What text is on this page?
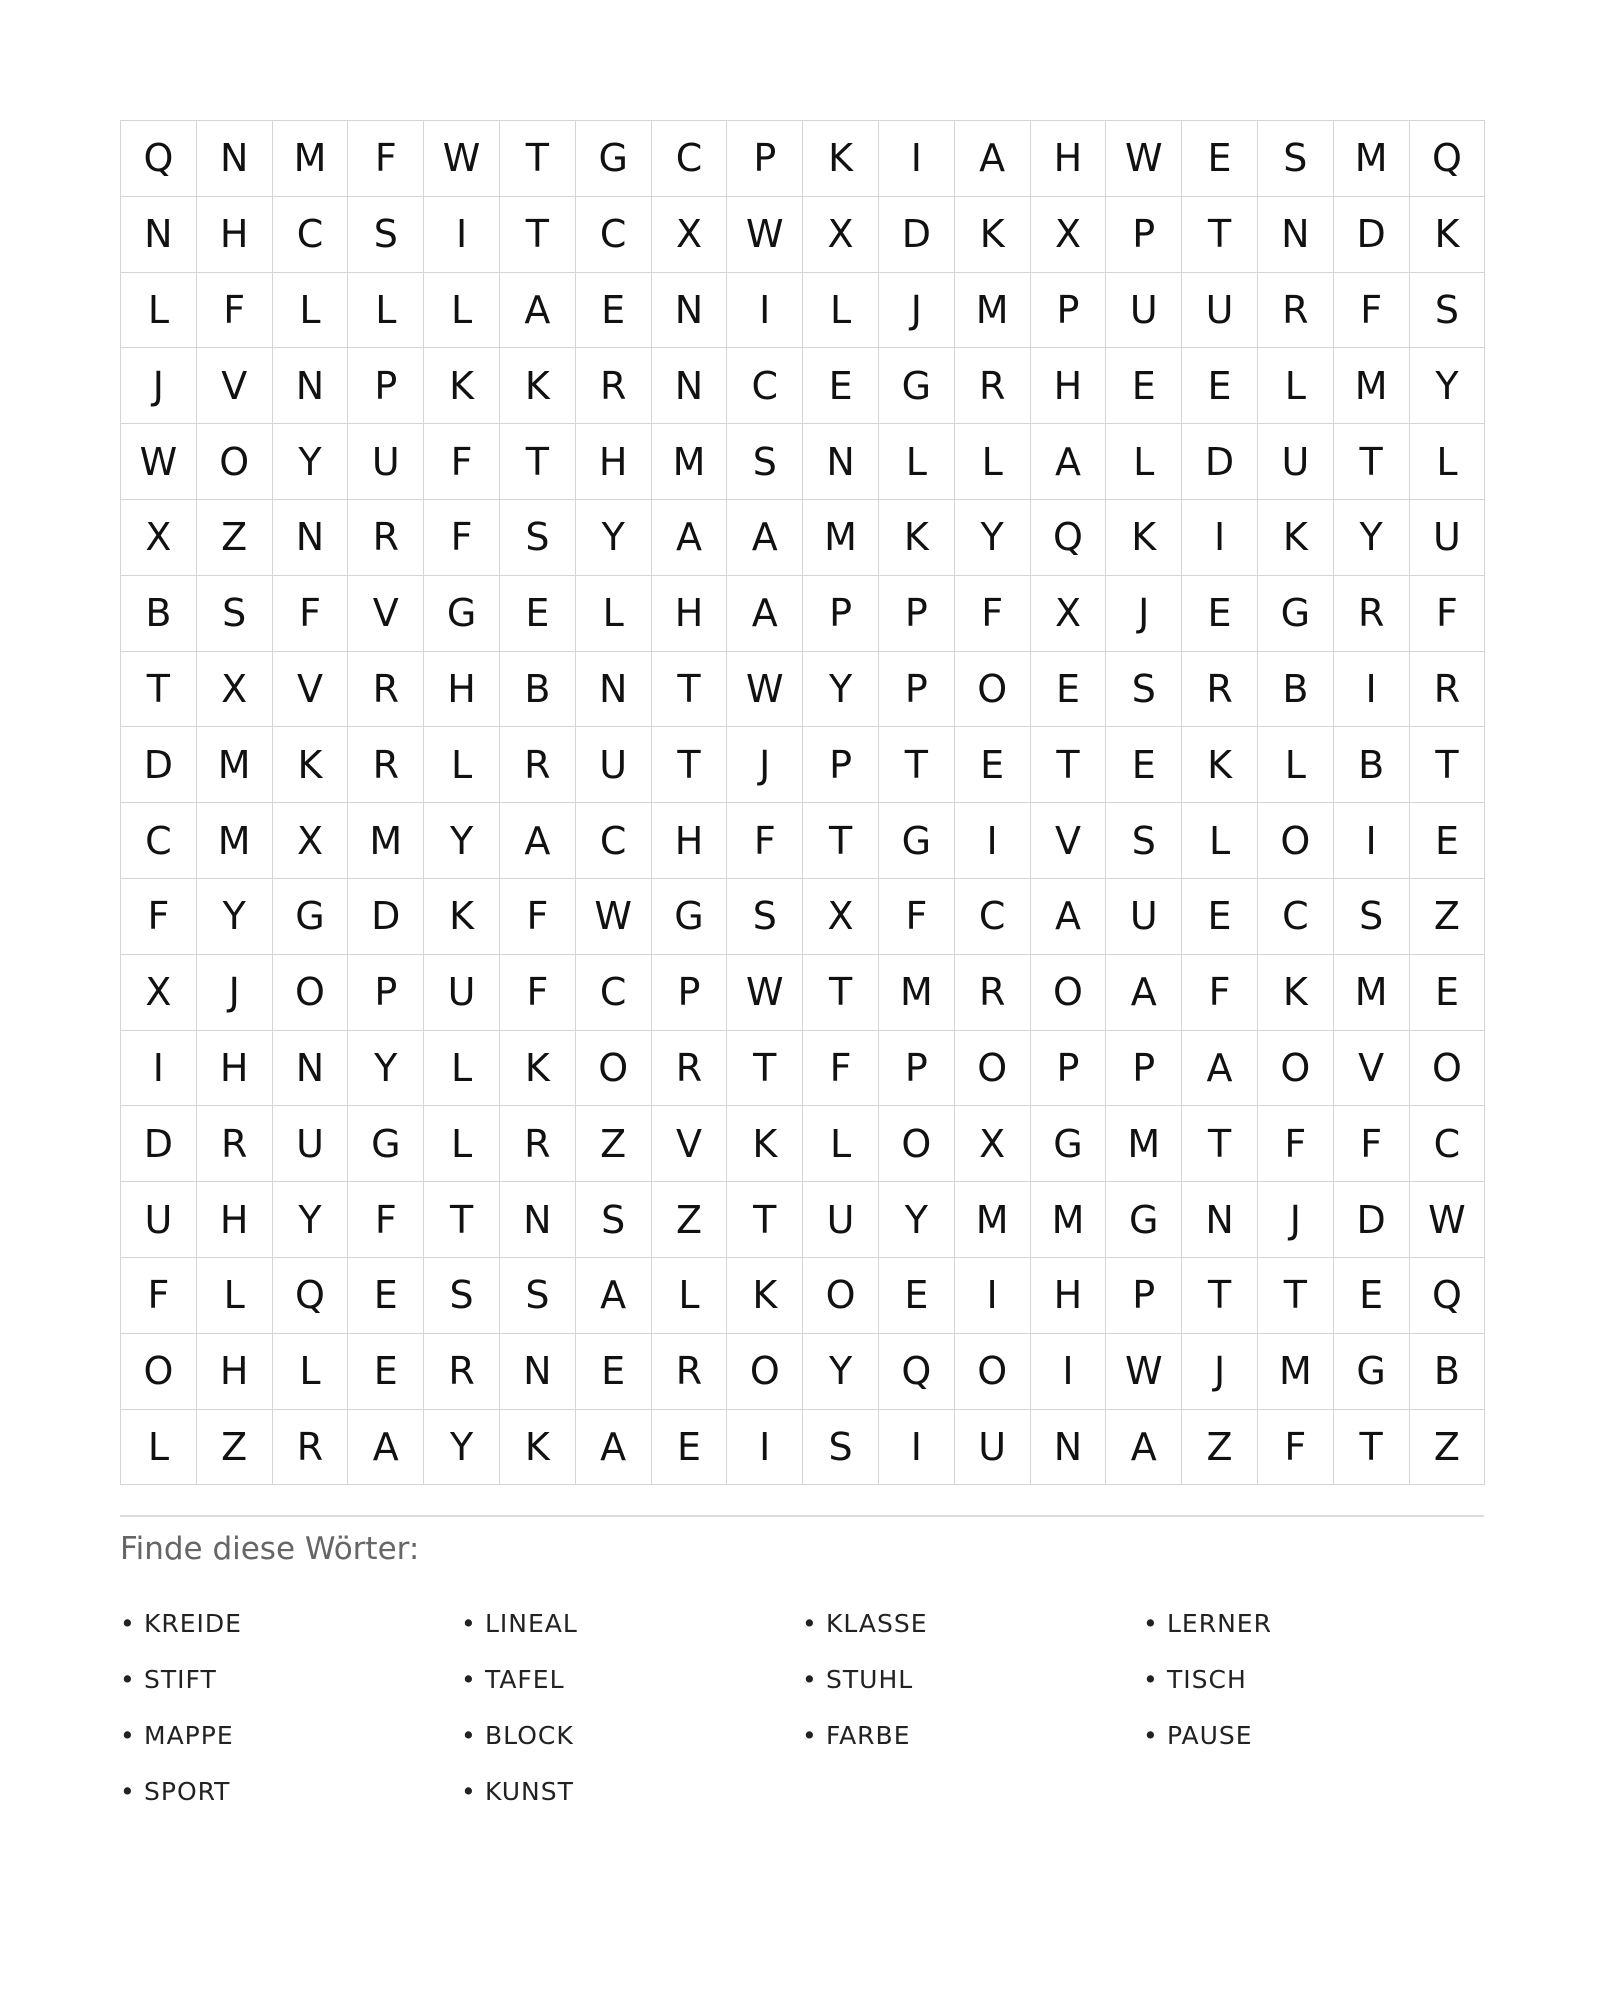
Q	N	M	F	W	T	G	C	P	K	I	A	H	W	E	S	M	Q
N	H	C	S	I	T	C	X	W	X	D	K	X	P	T	N	D	K
L	F	L	L	L	A	E	N	I	L	J	M	P	U	U	R	F	S
J	V	N	P	K	K	R	N	C	E	G	R	H	E	E	L	M	Y
W	O	Y	U	F	T	H	M	S	N	L	L	A	L	D	U	T	L
X	Z	N	R	F	S	Y	A	A	M	K	Y	Q	K	I	K	Y	U
B	S	F	V	G	E	L	H	A	P	P	F	X	J	E	G	R	F
T	X	V	R	H	B	N	T	W	Y	P	O	E	S	R	B	I	R
D	M	K	R	L	R	U	T	J	P	T	E	T	E	K	L	B	T
C	M	X	M	Y	A	C	H	F	T	G	I	V	S	L	O	I	E
F	Y	G	D	K	F	W	G	S	X	F	C	A	U	E	C	S	Z
X	J	O	P	U	F	C	P	W	T	M	R	O	A	F	K	M	E
I	H	N	Y	L	K	O	R	T	F	P	O	P	P	A	O	V	O
D	R	U	G	L	R	Z	V	K	L	O	X	G	M	T	F	F	C
U	H	Y	F	T	N	S	Z	T	U	Y	M	M	G	N	J	D	W
F	L	Q	E	S	S	A	L	K	O	E	I	H	P	T	T	E	Q
O	H	L	E	R	N	E	R	O	Y	Q	O	I	W	J	M	G	B
L	Z	R	A	Y	K	A	E	I	S	I	U	N	A	Z	F	T	Z
Finde diese Wörter:
• KREIDE	• LINEAL	• KLASSE	• LERNER
• STIFT	• TAFEL	• STUHL	• TISCH
• MAPPE	• BLOCK	• FARBE	• PAUSE
• SPORT	• KUNST
